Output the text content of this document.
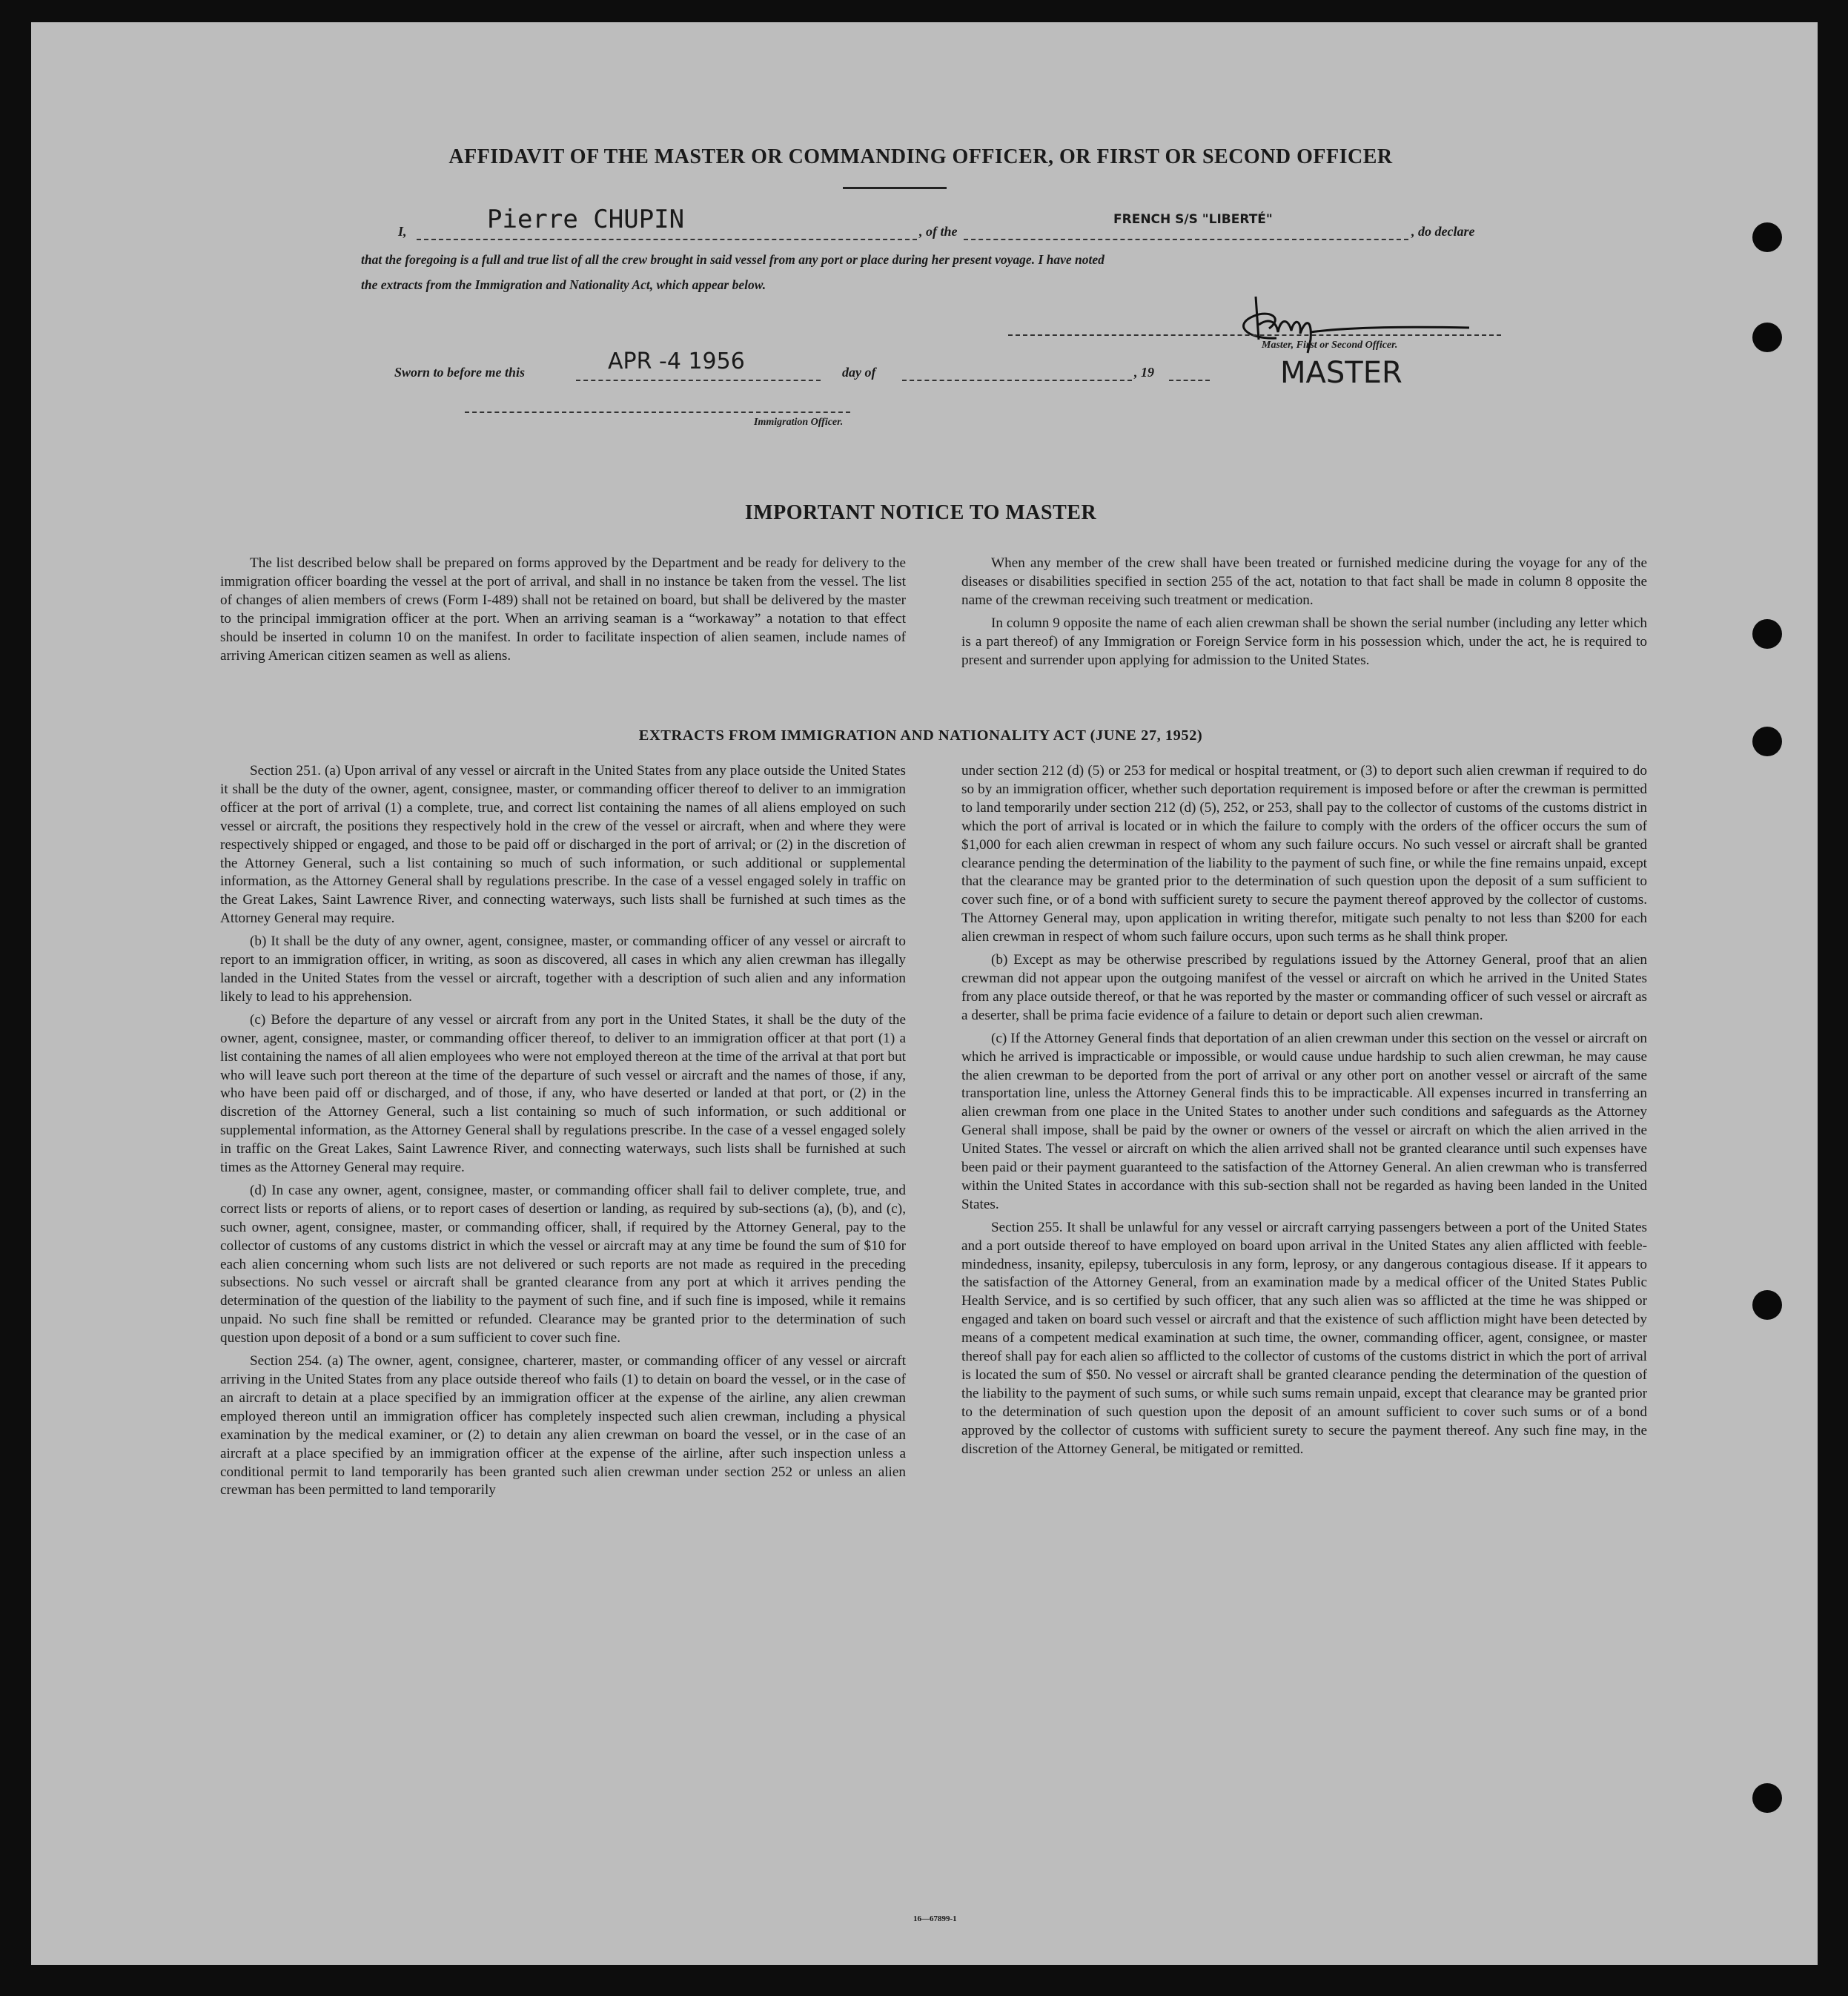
AFFIDAVIT OF THE MASTER OR COMMANDING OFFICER, OR FIRST OR SECOND OFFICER
I,	Pierre CHUPIN	, of the
FRENCH S/S "LIBERTÉ"
, do declare
that the foregoing is a full and true list of all the crew brought in said vessel from any port or place during her present voyage. I have noted
the extracts from the Immigration and Nationality Act, which appear below.
Master, First or Second Officer.
MASTER
Sworn to before me this	APR -4 1956	day of	, 19
Immigration Officer.
IMPORTANT NOTICE TO MASTER

The list described below shall be prepared on forms approved by the Department and be ready for delivery to the immigration officer boarding the vessel at the port of arrival, and shall in no instance be taken from the vessel. The list of changes of alien members of crews (Form I-489) shall not be retained on board, but shall be delivered by the master to the principal immigration officer at the port. When an arriving seaman is a “workaway” a notation to that effect should be inserted in column 10 on the manifest. In order to facilitate inspection of alien seamen, include names of arriving American citizen seamen as well as aliens.

When any member of the crew shall have been treated or furnished medicine during the voyage for any of the diseases or disabilities specified in section 255 of the act, notation to that fact shall be made in column 8 opposite the name of the crewman receiving such treatment or medication.

In column 9 opposite the name of each alien crewman shall be shown the serial number (including any letter which is a part thereof) of any Immigration or Foreign Service form in his possession which, under the act, he is required to present and surrender upon applying for admission to the United States.

EXTRACTS FROM IMMIGRATION AND NATIONALITY ACT (JUNE 27, 1952)

Section 251. (a) Upon arrival of any vessel or aircraft in the United States from any place outside the United States it shall be the duty of the owner, agent, consignee, master, or commanding officer thereof to deliver to an immigration officer at the port of arrival (1) a complete, true, and correct list containing the names of all aliens employed on such vessel or aircraft, the positions they respectively hold in the crew of the vessel or aircraft, when and where they were respectively shipped or engaged, and those to be paid off or discharged in the port of arrival; or (2) in the discretion of the Attorney General, such a list containing so much of such information, or such additional or supplemental information, as the Attorney General shall by regulations prescribe. In the case of a vessel engaged solely in traffic on the Great Lakes, Saint Lawrence River, and connecting waterways, such lists shall be furnished at such times as the Attorney General may require.

(b) It shall be the duty of any owner, agent, consignee, master, or commanding officer of any vessel or aircraft to report to an immigration officer, in writing, as soon as discovered, all cases in which any alien crewman has illegally landed in the United States from the vessel or aircraft, together with a description of such alien and any information likely to lead to his apprehension.

(c) Before the departure of any vessel or aircraft from any port in the United States, it shall be the duty of the owner, agent, consignee, master, or commanding officer thereof, to deliver to an immigration officer at that port (1) a list containing the names of all alien employees who were not employed thereon at the time of the arrival at that port but who will leave such port thereon at the time of the departure of such vessel or aircraft and the names of those, if any, who have been paid off or discharged, and of those, if any, who have deserted or landed at that port, or (2) in the discretion of the Attorney General, such a list containing so much of such information, or such additional or supplemental information, as the Attorney General shall by regulations prescribe. In the case of a vessel engaged solely in traffic on the Great Lakes, Saint Lawrence River, and connecting waterways, such lists shall be furnished at such times as the Attorney General may require.

(d) In case any owner, agent, consignee, master, or commanding officer shall fail to deliver complete, true, and correct lists or reports of aliens, or to report cases of desertion or landing, as required by sub-sections (a), (b), and (c), such owner, agent, consignee, master, or commanding officer, shall, if required by the Attorney General, pay to the collector of customs of any customs district in which the vessel or aircraft may at any time be found the sum of $10 for each alien concerning whom such lists are not delivered or such reports are not made as required in the preceding subsections. No such vessel or aircraft shall be granted clearance from any port at which it arrives pending the determination of the question of the liability to the payment of such fine, and if such fine is imposed, while it remains unpaid. No such fine shall be remitted or refunded. Clearance may be granted prior to the determination of such question upon deposit of a bond or a sum sufficient to cover such fine.

Section 254. (a) The owner, agent, consignee, charterer, master, or commanding officer of any vessel or aircraft arriving in the United States from any place outside thereof who fails (1) to detain on board the vessel, or in the case of an aircraft to detain at a place specified by an immigration officer at the expense of the airline, any alien crewman employed thereon until an immigration officer has completely inspected such alien crewman, including a physical examination by the medical examiner, or (2) to detain any alien crewman on board the vessel, or in the case of an aircraft at a place specified by an immigration officer at the expense of the airline, after such inspection unless a conditional permit to land temporarily has been granted such alien crewman under section 252 or unless an alien crewman has been permitted to land temporarily

under section 212 (d) (5) or 253 for medical or hospital treatment, or (3) to deport such alien crewman if required to do so by an immigration officer, whether such deportation requirement is imposed before or after the crewman is permitted to land temporarily under section 212 (d) (5), 252, or 253, shall pay to the collector of customs of the customs district in which the port of arrival is located or in which the failure to comply with the orders of the officer occurs the sum of $1,000 for each alien crewman in respect of whom any such failure occurs. No such vessel or aircraft shall be granted clearance pending the determination of the liability to the payment of such fine, or while the fine remains unpaid, except that the clearance may be granted prior to the determination of such question upon the deposit of a sum sufficient to cover such fine, or of a bond with sufficient surety to secure the payment thereof approved by the collector of customs. The Attorney General may, upon application in writing therefor, mitigate such penalty to not less than $200 for each alien crewman in respect of whom such failure occurs, upon such terms as he shall think proper.

(b) Except as may be otherwise prescribed by regulations issued by the Attorney General, proof that an alien crewman did not appear upon the outgoing manifest of the vessel or aircraft on which he arrived in the United States from any place outside thereof, or that he was reported by the master or commanding officer of such vessel or aircraft as a deserter, shall be prima facie evidence of a failure to detain or deport such alien crewman.

(c) If the Attorney General finds that deportation of an alien crewman under this section on the vessel or aircraft on which he arrived is impracticable or impossible, or would cause undue hardship to such alien crewman, he may cause the alien crewman to be deported from the port of arrival or any other port on another vessel or aircraft of the same transportation line, unless the Attorney General finds this to be impracticable. All expenses incurred in transferring an alien crewman from one place in the United States to another under such conditions and safeguards as the Attorney General shall impose, shall be paid by the owner or owners of the vessel or aircraft on which the alien arrived in the United States. The vessel or aircraft on which the alien arrived shall not be granted clearance until such expenses have been paid or their payment guaranteed to the satisfaction of the Attorney General. An alien crewman who is transferred within the United States in accordance with this sub-section shall not be regarded as having been landed in the United States.

Section 255. It shall be unlawful for any vessel or aircraft carrying passengers between a port of the United States and a port outside thereof to have employed on board upon arrival in the United States any alien afflicted with feeble-mindedness, insanity, epilepsy, tuberculosis in any form, leprosy, or any dangerous contagious disease. If it appears to the satisfaction of the Attorney General, from an examination made by a medical officer of the United States Public Health Service, and is so certified by such officer, that any such alien was so afflicted at the time he was shipped or engaged and taken on board such vessel or aircraft and that the existence of such affliction might have been detected by means of a competent medical examination at such time, the owner, commanding officer, agent, consignee, or master thereof shall pay for each alien so afflicted to the collector of customs of the customs district in which the port of arrival is located the sum of $50. No vessel or aircraft shall be granted clearance pending the determination of the question of the liability to the payment of such sums, or while such sums remain unpaid, except that clearance may be granted prior to the determination of such question upon the deposit of an amount sufficient to cover such sums or of a bond approved by the collector of customs with sufficient surety to secure the payment thereof. Any such fine may, in the discretion of the Attorney General, be mitigated or remitted.

16—67899-1
